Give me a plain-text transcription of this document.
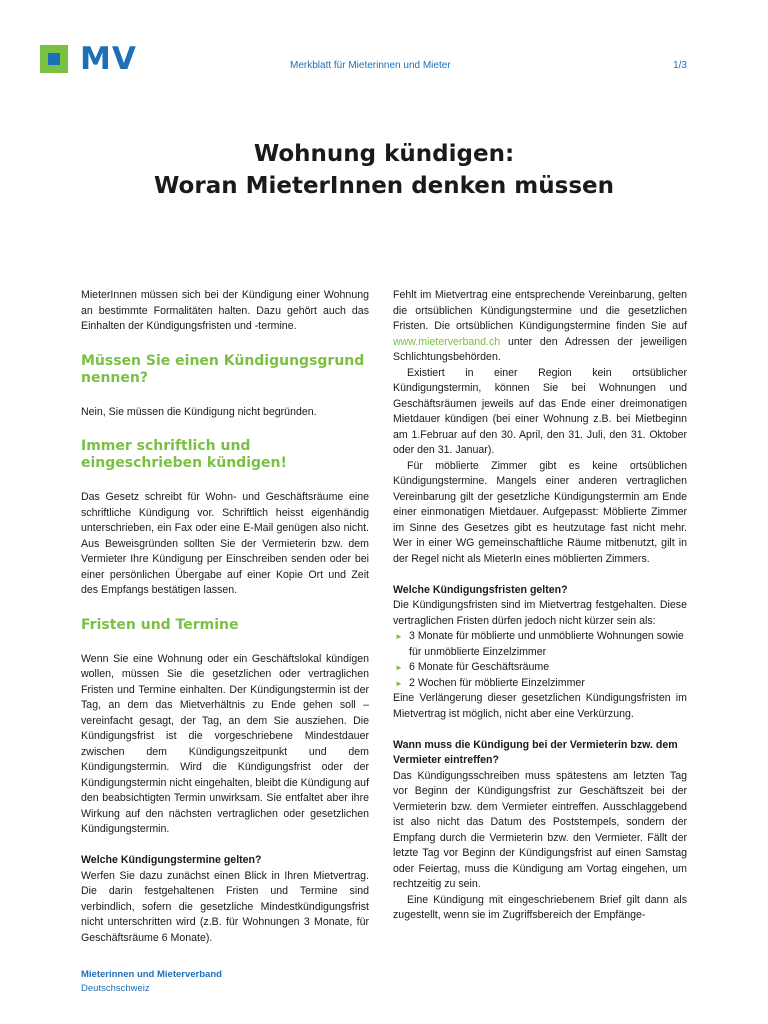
MV	Merkblatt für Mieterinnen und Mieter	1/3
Wohnung kündigen:
Woran MieterInnen denken müssen

MieterInnen müssen sich bei der Kündigung einer Wohnung an bestimmte Formalitäten halten. Dazu gehört auch das Einhalten der Kündigungsfristen und -termine.

Müssen Sie einen Kündigungsgrund nennen?

Nein, Sie müssen die Kündigung nicht begründen.

Immer schriftlich und eingeschrieben kündigen!

Das Gesetz schreibt für Wohn- und Geschäftsräume eine schriftliche Kündigung vor. Schriftlich heisst eigenhändig unterschrieben, ein Fax oder eine E-Mail genügen also nicht. Aus Beweisgründen sollten Sie der Vermieterin bzw. dem Vermieter Ihre Kündigung per Einschreiben senden oder bei einer persönlichen Übergabe auf einer Kopie Ort und Zeit des Empfangs bestätigen lassen.

Fristen und Termine

Wenn Sie eine Wohnung oder ein Geschäftslokal kündigen wollen, müssen Sie die gesetzlichen oder vertraglichen Fristen und Termine einhalten. Der Kündigungstermin ist der Tag, an dem das Mietverhältnis zu Ende gehen soll – vereinfacht gesagt, der Tag, an dem Sie ausziehen. Die Kündigungsfrist ist die vorgeschriebene Mindestdauer zwischen dem Kündigungszeitpunkt und dem Kündigungstermin. Wird die Kündigungsfrist oder der Kündigungstermin nicht eingehalten, bleibt die Kündigung auf den beabsichtigten Termin unwirksam. Sie entfaltet aber ihre Wirkung auf den nächsten vertraglichen oder gesetzlichen Kündigungstermin.

Welche Kündigungstermine gelten?

Werfen Sie dazu zunächst einen Blick in Ihren Mietvertrag. Die darin festgehaltenen Fristen und Termine sind verbindlich, sofern die gesetzliche Mindestkündigungsfrist nicht unterschritten wird (z.B. für Wohnungen 3 Monate, für Geschäftsräume 6 Monate).

Fehlt im Mietvertrag eine entsprechende Vereinbarung, gelten die ortsüblichen Kündigungstermine und die gesetzlichen Fristen. Die ortsüblichen Kündigungstermine finden Sie auf www.mieterverband.ch unter den Adressen der jeweiligen Schlichtungsbehörden.

Existiert in einer Region kein ortsüblicher Kündigungstermin, können Sie bei Wohnungen und Geschäftsräumen jeweils auf das Ende einer dreimonatigen Mietdauer kündigen (bei einer Wohnung z.B. bei Mietbeginn am 1.Februar auf den 30. April, den 31. Juli, den 31. Oktober oder den 31. Januar).

Für möblierte Zimmer gibt es keine ortsüblichen Kündigungstermine. Mangels einer anderen vertraglichen Vereinbarung gilt der gesetzliche Kündigungstermin am Ende einer einmonatigen Mietdauer. Aufgepasst: Möblierte Zimmer im Sinne des Gesetzes gibt es heutzutage fast nicht mehr. Wer in einer WG gemeinschaftliche Räume mitbenutzt, gilt in der Regel nicht als MieterIn eines möblierten Zimmers.

Welche Kündigungsfristen gelten?

Die Kündigungsfristen sind im Mietvertrag festgehalten. Diese vertraglichen Fristen dürfen jedoch nicht kürzer sein als:

► 3 Monate für möblierte und unmöblierte Wohnungen sowie für unmöblierte Einzelzimmer
► 6 Monate für Geschäftsräume
► 2 Wochen für möblierte Einzelzimmer

Eine Verlängerung dieser gesetzlichen Kündigungsfristen im Mietvertrag ist möglich, nicht aber eine Verkürzung.

Wann muss die Kündigung bei der Vermieterin bzw. dem Vermieter eintreffen?

Das Kündigungsschreiben muss spätestens am letzten Tag vor Beginn der Kündigungsfrist zur Geschäftszeit bei der Vermieterin bzw. dem Vermieter eintreffen. Ausschlaggebend ist also nicht das Datum des Poststempels, sondern der Empfang durch die Vermieterin bzw. den Vermieter. Fällt der letzte Tag vor Beginn der Kündigungsfrist auf einen Samstag oder Feiertag, muss die Kündigung am Vortag eingehen, um rechtzeitig zu sein.

Eine Kündigung mit eingeschriebenem Brief gilt dann als zugestellt, wenn sie im Zugriffsbereich der Empfänge-

Mieterinnen und Mieterverband
Deutschschweiz
